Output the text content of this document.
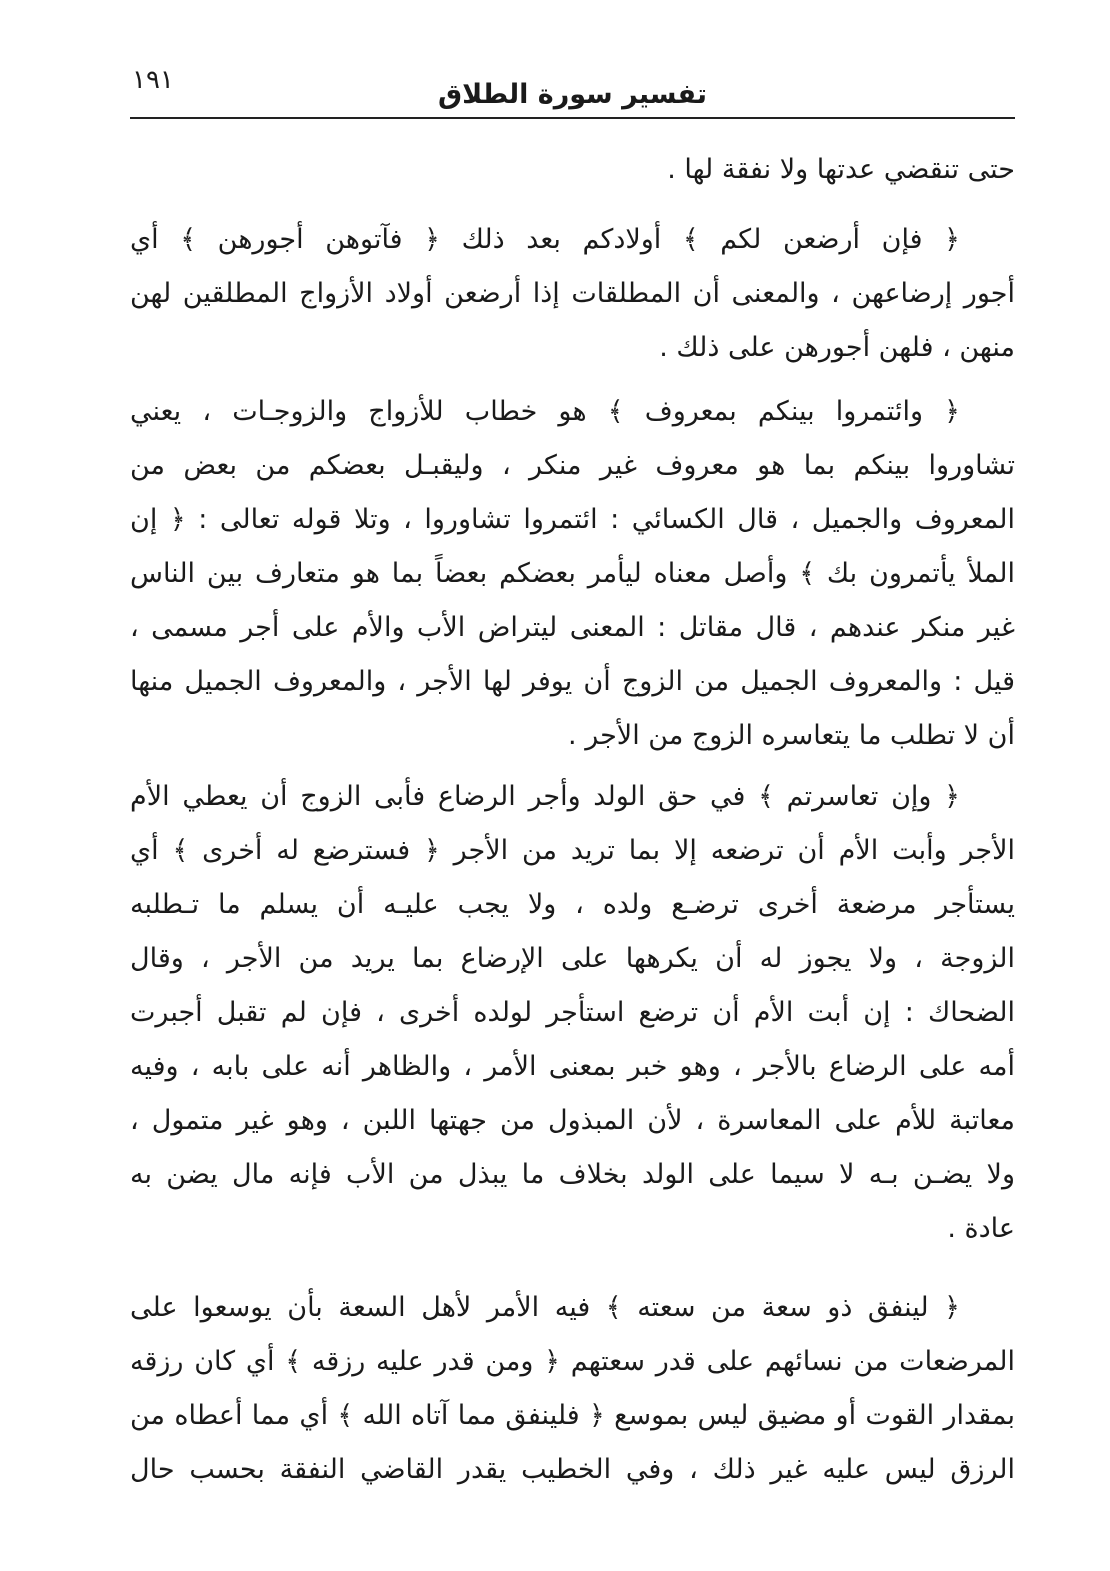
١٩١	تفسير سورة الطلاق
حتى تنقضي عدتها ولا نفقة لها .
﴿ فإن أرضعن لكم ﴾ أولادكم بعد ذلك ﴿ فآتوهن أجورهن ﴾ أي
أجور إرضاعهن ، والمعنى أن المطلقات إذا أرضعن أولاد الأزواج المطلقين لهن
منهن ، فلهن أجورهن على ذلك .
﴿ وائتمروا بينكم بمعروف ﴾ هو خطاب للأزواج والزوجـات ، يعني
تشاوروا بينكم بما هو معروف غير منكر ، وليقبـل بعضكم من بعض من
المعروف والجميل ، قال الكسائي : ائتمروا تشاوروا ، وتلا قوله تعالى : ﴿ إن
الملأ يأتمرون بك ﴾ وأصل معناه ليأمر بعضكم بعضاً بما هو متعارف بين الناس
غير منكر عندهم ، قال مقاتل : المعنى ليتراض الأب والأم على أجر مسمى ،
قيل : والمعروف الجميل من الزوج أن يوفر لها الأجر ، والمعروف الجميل منها
أن لا تطلب ما يتعاسره الزوج من الأجر .
﴿ وإن تعاسرتم ﴾ في حق الولد وأجر الرضاع فأبى الزوج أن يعطي الأم
الأجر وأبت الأم أن ترضعه إلا بما تريد من الأجر ﴿ فسترضع له أخرى ﴾ أي
يستأجر مرضعة أخرى ترضـع ولده ، ولا يجب عليـه أن يسلم ما تـطلبه
الزوجة ، ولا يجوز له أن يكرهها على الإرضاع بما يريد من الأجر ، وقال
الضحاك : إن أبت الأم أن ترضع استأجر لولده أخرى ، فإن لم تقبل أجبرت
أمه على الرضاع بالأجر ، وهو خبر بمعنى الأمر ، والظاهر أنه على بابه ، وفيه
معاتبة للأم على المعاسرة ، لأن المبذول من جهتها اللبن ، وهو غير متمول ،
ولا يضـن بـه لا سيما على الولد بخلاف ما يبذل من الأب فإنه مال يضن به
عادة .
﴿ لينفق ذو سعة من سعته ﴾ فيه الأمر لأهل السعة بأن يوسعوا على
المرضعات من نسائهم على قدر سعتهم ﴿ ومن قدر عليه رزقه ﴾ أي كان رزقه
بمقدار القوت أو مضيق ليس بموسع ﴿ فلينفق مما آتاه الله ﴾ أي مما أعطاه من
الرزق ليس عليه غير ذلك ، وفي الخطيب يقدر القاضي النفقة بحسب حال
